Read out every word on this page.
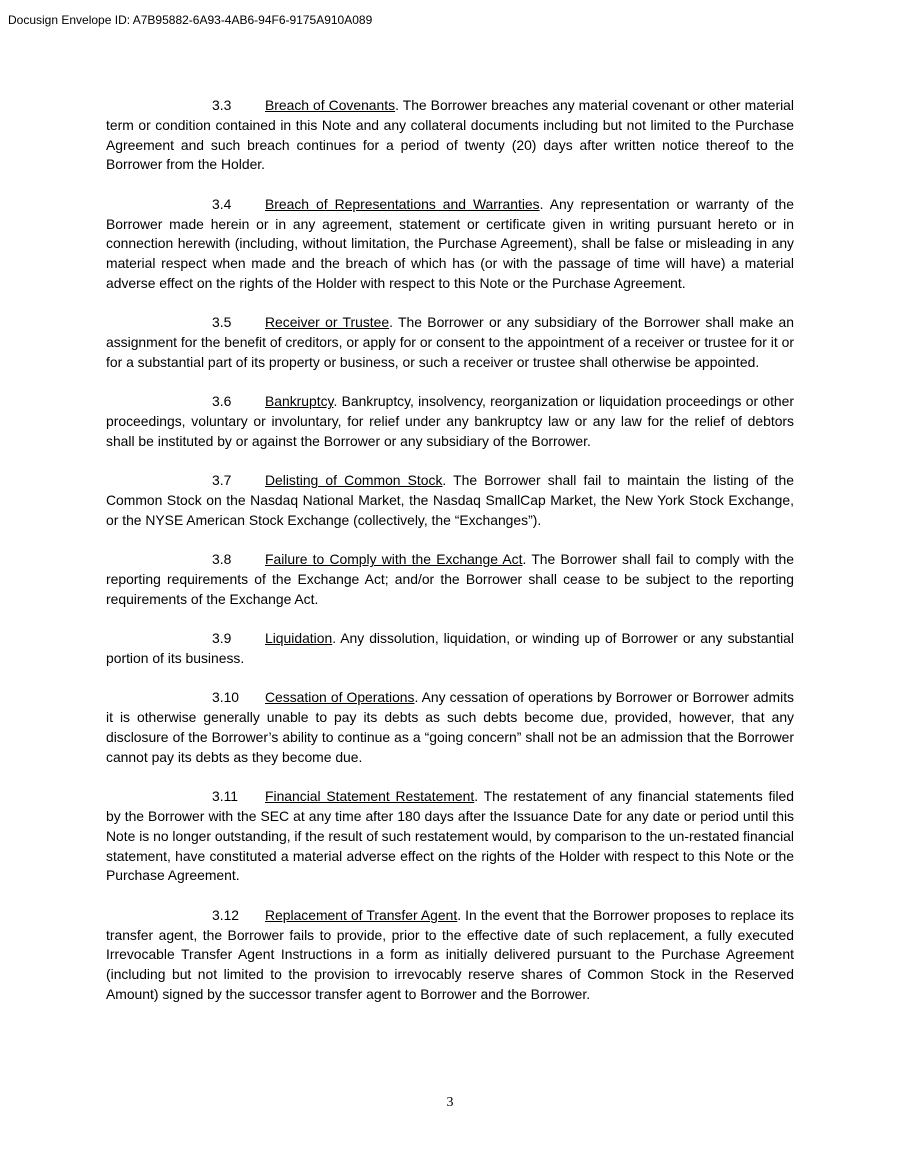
Docusign Envelope ID: A7B95882-6A93-4AB6-94F6-9175A910A089

3.3 Breach of Covenants. The Borrower breaches any material covenant or other material term or condition contained in this Note and any collateral documents including but not limited to the Purchase Agreement and such breach continues for a period of twenty (20) days after written notice thereof to the Borrower from the Holder.

3.4 Breach of Representations and Warranties. Any representation or warranty of the Borrower made herein or in any agreement, statement or certificate given in writing pursuant hereto or in connection herewith (including, without limitation, the Purchase Agreement), shall be false or misleading in any material respect when made and the breach of which has (or with the passage of time will have) a material adverse effect on the rights of the Holder with respect to this Note or the Purchase Agreement.

3.5 Receiver or Trustee. The Borrower or any subsidiary of the Borrower shall make an assignment for the benefit of creditors, or apply for or consent to the appointment of a receiver or trustee for it or for a substantial part of its property or business, or such a receiver or trustee shall otherwise be appointed.

3.6 Bankruptcy. Bankruptcy, insolvency, reorganization or liquidation proceedings or other proceedings, voluntary or involuntary, for relief under any bankruptcy law or any law for the relief of debtors shall be instituted by or against the Borrower or any subsidiary of the Borrower.

3.7 Delisting of Common Stock. The Borrower shall fail to maintain the listing of the Common Stock on the Nasdaq National Market, the Nasdaq SmallCap Market, the New York Stock Exchange, or the NYSE American Stock Exchange (collectively, the “Exchanges”).

3.8 Failure to Comply with the Exchange Act. The Borrower shall fail to comply with the reporting requirements of the Exchange Act; and/or the Borrower shall cease to be subject to the reporting requirements of the Exchange Act.

3.9 Liquidation. Any dissolution, liquidation, or winding up of Borrower or any substantial portion of its business.

3.10 Cessation of Operations. Any cessation of operations by Borrower or Borrower admits it is otherwise generally unable to pay its debts as such debts become due, provided, however, that any disclosure of the Borrower’s ability to continue as a “going concern” shall not be an admission that the Borrower cannot pay its debts as they become due.

3.11 Financial Statement Restatement. The restatement of any financial statements filed by the Borrower with the SEC at any time after 180 days after the Issuance Date for any date or period until this Note is no longer outstanding, if the result of such restatement would, by comparison to the un-restated financial statement, have constituted a material adverse effect on the rights of the Holder with respect to this Note or the Purchase Agreement.

3.12 Replacement of Transfer Agent. In the event that the Borrower proposes to replace its transfer agent, the Borrower fails to provide, prior to the effective date of such replacement, a fully executed Irrevocable Transfer Agent Instructions in a form as initially delivered pursuant to the Purchase Agreement (including but not limited to the provision to irrevocably reserve shares of Common Stock in the Reserved Amount) signed by the successor transfer agent to Borrower and the Borrower.

3
